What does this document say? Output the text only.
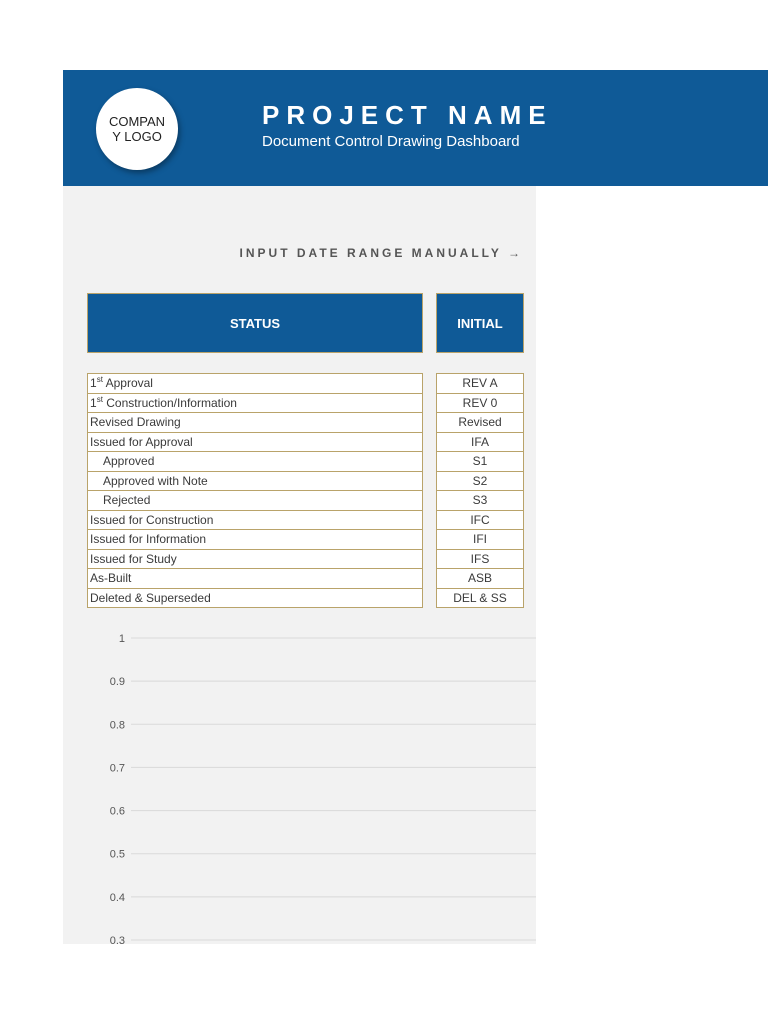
COMPANY LOGO
PROJECT NAME
Document Control Drawing Dashboard
INPUT DATE RANGE MANUALLY →
STATUS	INITIAL
1st Approval	REV A
1st Construction/Information	REV 0
Revised Drawing	Revised
Issued for Approval	IFA
Approved	S1
Approved with Note	S2
Rejected	S3
Issued for Construction	IFC
Issued for Information	IFI
Issued for Study	IFS
As-Built	ASB
Deleted & Superseded	DEL & SS
1
0.9
0.8
0.7
0.6
0.5
0.4
0.3
